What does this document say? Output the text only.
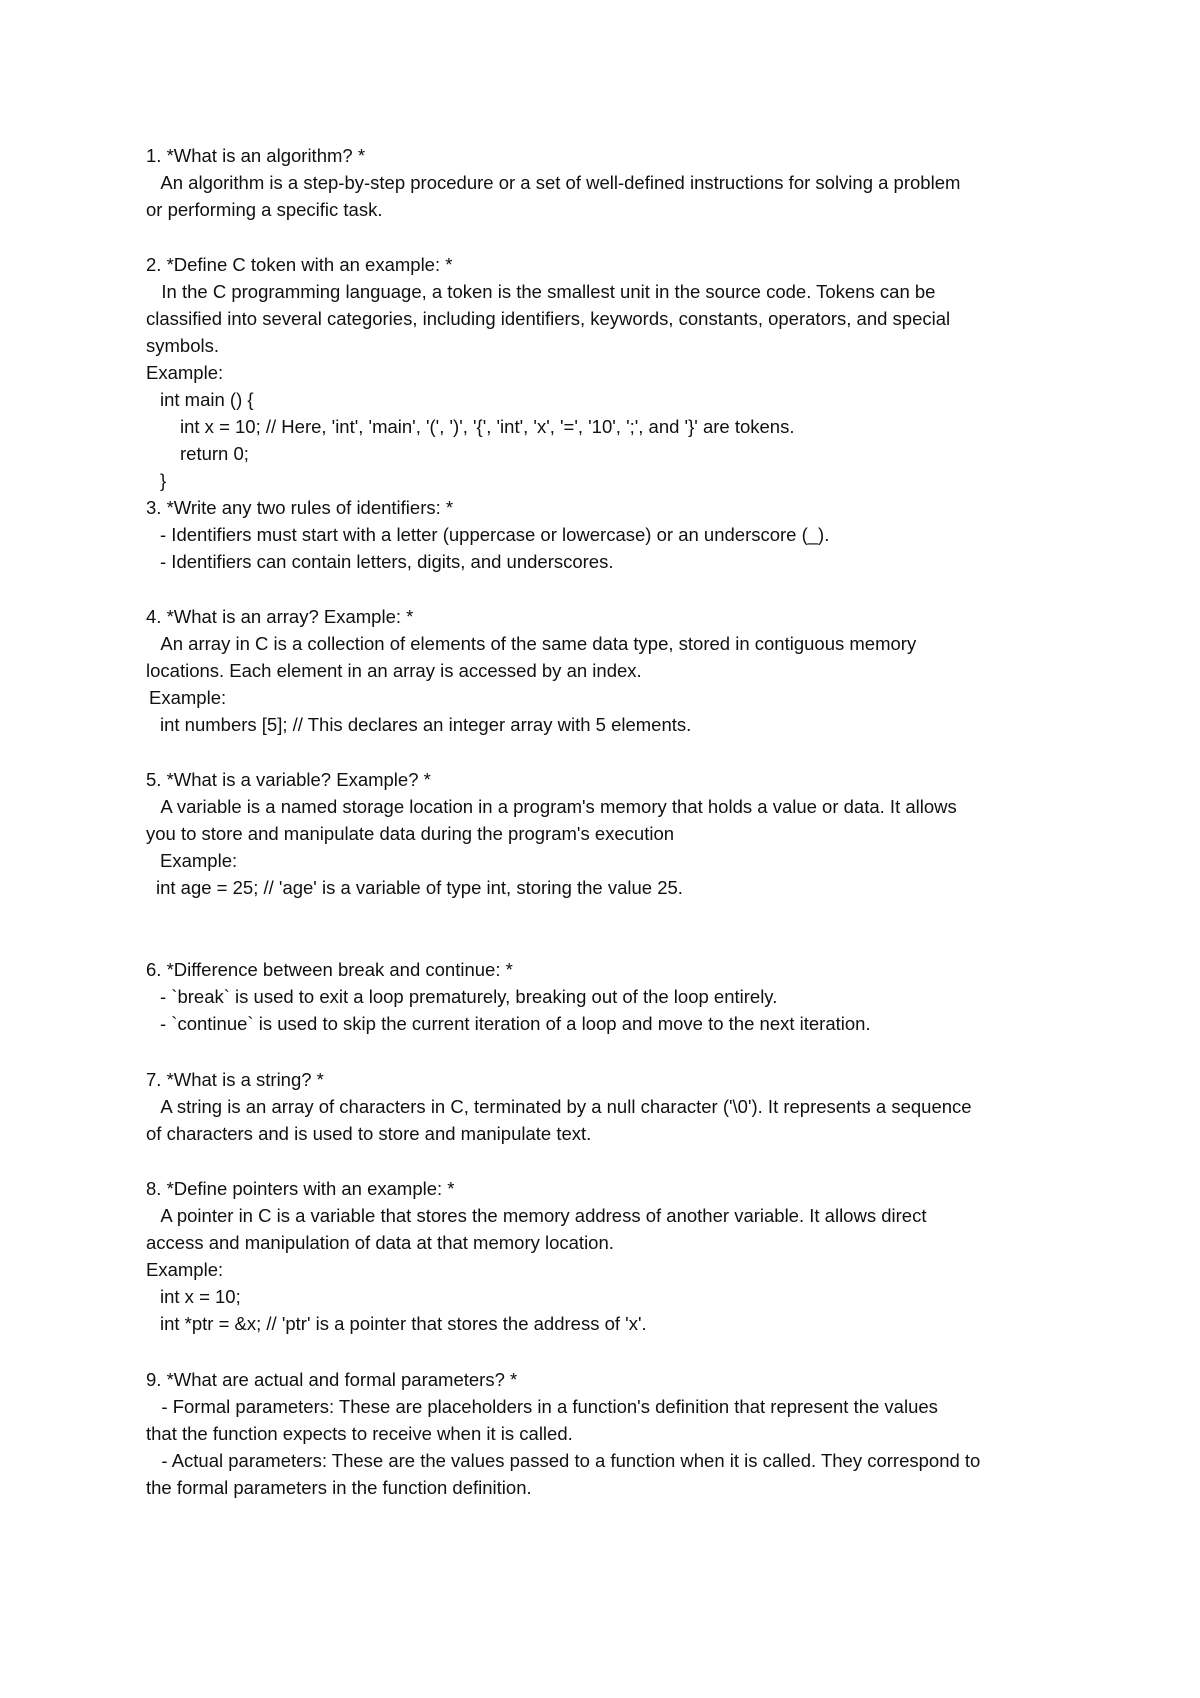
1. *What is an algorithm? *
An algorithm is a step-by-step procedure or a set of well-defined instructions for solving a problem
or performing a specific task.
2. *Define C token with an example: *
In the C programming language, a token is the smallest unit in the source code. Tokens can be
classified into several categories, including identifiers, keywords, constants, operators, and special
symbols.
Example:
int main () {
int x = 10; // Here, 'int', 'main', '(', ')', '{', 'int', 'x', '=', '10', ';', and '}' are tokens.
return 0;
}
3. *Write any two rules of identifiers: *
- Identifiers must start with a letter (uppercase or lowercase) or an underscore (_).
- Identifiers can contain letters, digits, and underscores.
4. *What is an array? Example: *
An array in C is a collection of elements of the same data type, stored in contiguous memory
locations. Each element in an array is accessed by an index.
Example:
int numbers [5]; // This declares an integer array with 5 elements.
5. *What is a variable? Example? *
A variable is a named storage location in a program's memory that holds a value or data. It allows
you to store and manipulate data during the program's execution
Example:
int age = 25; // 'age' is a variable of type int, storing the value 25.
6. *Difference between break and continue: *
- `break` is used to exit a loop prematurely, breaking out of the loop entirely.
- `continue` is used to skip the current iteration of a loop and move to the next iteration.
7. *What is a string? *
A string is an array of characters in C, terminated by a null character ('\0'). It represents a sequence
of characters and is used to store and manipulate text.
8. *Define pointers with an example: *
A pointer in C is a variable that stores the memory address of another variable. It allows direct
access and manipulation of data at that memory location.
Example:
int x = 10;
int *ptr = &x; // 'ptr' is a pointer that stores the address of 'x'.
9. *What are actual and formal parameters? *
- Formal parameters: These are placeholders in a function's definition that represent the values
that the function expects to receive when it is called.
- Actual parameters: These are the values passed to a function when it is called. They correspond to
the formal parameters in the function definition.
